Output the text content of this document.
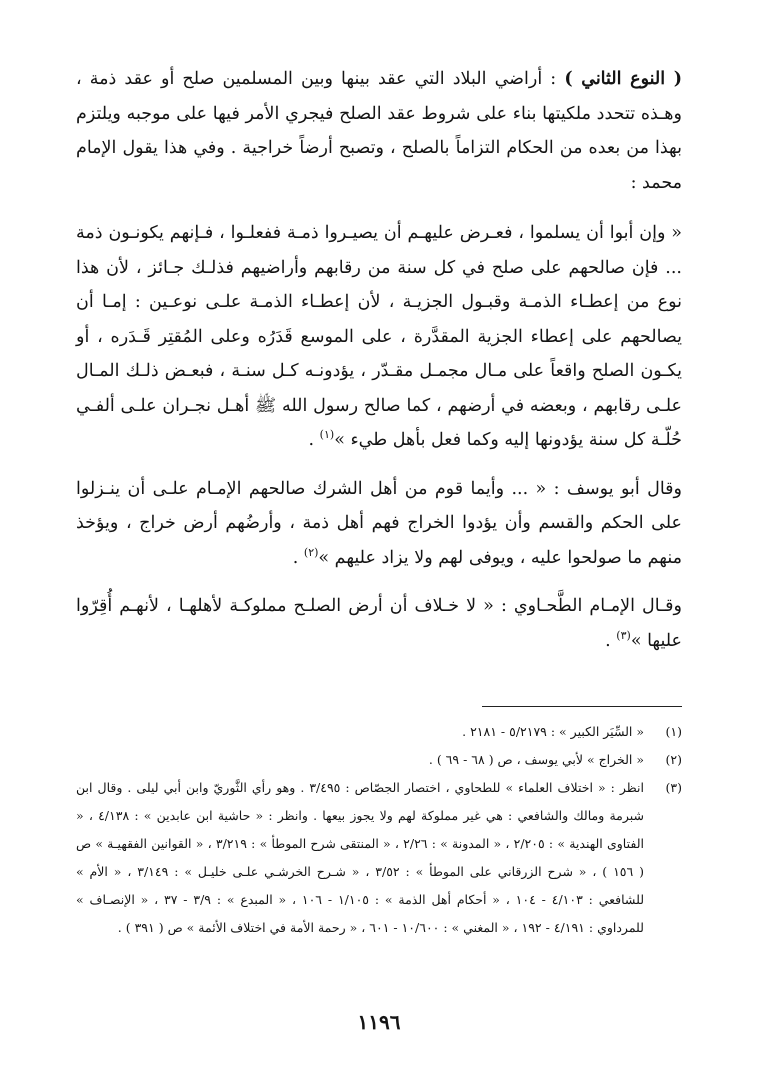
( النوع الثاني ) : أراضي البلاد التي عقد بينها وبين المسلمين صلح أو عقد ذمة ، وهـذه تتحدد ملكيتها بناء على شروط عقد الصلح فيجري الأمر فيها على موجبه ويلتزم بهذا من بعده من الحكام التزاماً بالصلح ، وتصبح أرضاً خراجية . وفي هذا يقول الإمام محمد :

« وإن أبوا أن يسلموا ، فعـرض عليهـم أن يصيـروا ذمـة ففعلـوا ، فـإنهم يكونـون ذمة ... فإن صالحهم على صلح في كل سنة من رقابهم وأراضيهم فذلـك جـائز ، لأن هذا نوع من إعطـاء الذمـة وقبـول الجزيـة ، لأن إعطـاء الذمـة علـى نوعـين : إمـا أن يصالحهم على إعطاء الجزية المقدَّرة ، على الموسع قَدَرُه وعلى المُقتِر قَـدَره ، أو يكـون الصلح واقعاً على مـال مجمـل مقـدّر ، يؤدونـه كـل سنـة ، فبعـض ذلـك المـال علـى رقابهم ، وبعضه في أرضهم ، كما صالح رسول الله ﷺ أهـل نجـران علـى ألفـي حُلّـة كل سنة يؤدونها إليه وكما فعل بأهل طيء »$^{(١)}$ .

وقال أبو يوسف : « ... وأيما قوم من أهل الشرك صالحهم الإمـام علـى أن ينـزلوا على الحكم والقسم وأن يؤدوا الخراج فهم أهل ذمة ، وأرضُهم أرض خراج ، ويؤخذ منهم ما صولحوا عليه ، ويوفى لهم ولا يزاد عليهم »$^{(٢)}$ .

وقـال الإمـام الطَّحـاوي : « لا خـلاف أن أرض الصلـح مملوكـة لأهلهـا ، لأنهـم أُقِرّوا عليها »$^{(٣)}$ .

(١)
« السِّيَر الكبير » : ٥/٢١٧٩ - ٢١٨١ .
(٢)
« الخراج » لأبي يوسف ، ص ( ٦٨ - ٦٩ ) .
(٣)
انظر : « اختلاف العلماء » للطحاوي ، اختصار الجصّاص : ٣/٤٩٥ . وهو رأي الثَّوريّ وابن أبي ليلى . وقال ابن شبرمة ومالك والشافعي : هي غير مملوكة لهم ولا يجوز بيعها . وانظر : « حاشية ابن عابدين » : ٤/١٣٨ ، « الفتاوى الهندية » : ٢/٢٠٥ ، « المدونة » : ٢/٢٦ ، « المنتقى شرح الموطأ » : ٣/٢١٩ ، « القوانين الفقهيـة » ص ( ١٥٦ ) ، « شرح الزرقاني على الموطأ » : ٣/٥٢ ، « شـرح الخرشـي علـى خليـل » : ٣/١٤٩ ، « الأم » للشافعي : ٤/١٠٣ - ١٠٤ ، « أحكام أهل الذمة » : ١/١٠٥ - ١٠٦ ، « المبدع » : ٣/٩ - ٣٧ ، « الإنصـاف » للمرداوي : ٤/١٩١ - ١٩٢ ، « المغني » : ١٠/٦٠٠ - ٦٠١ ، « رحمة الأمة في اختلاف الأئمة » ص ( ٣٩١ ) .
١١٩٦
